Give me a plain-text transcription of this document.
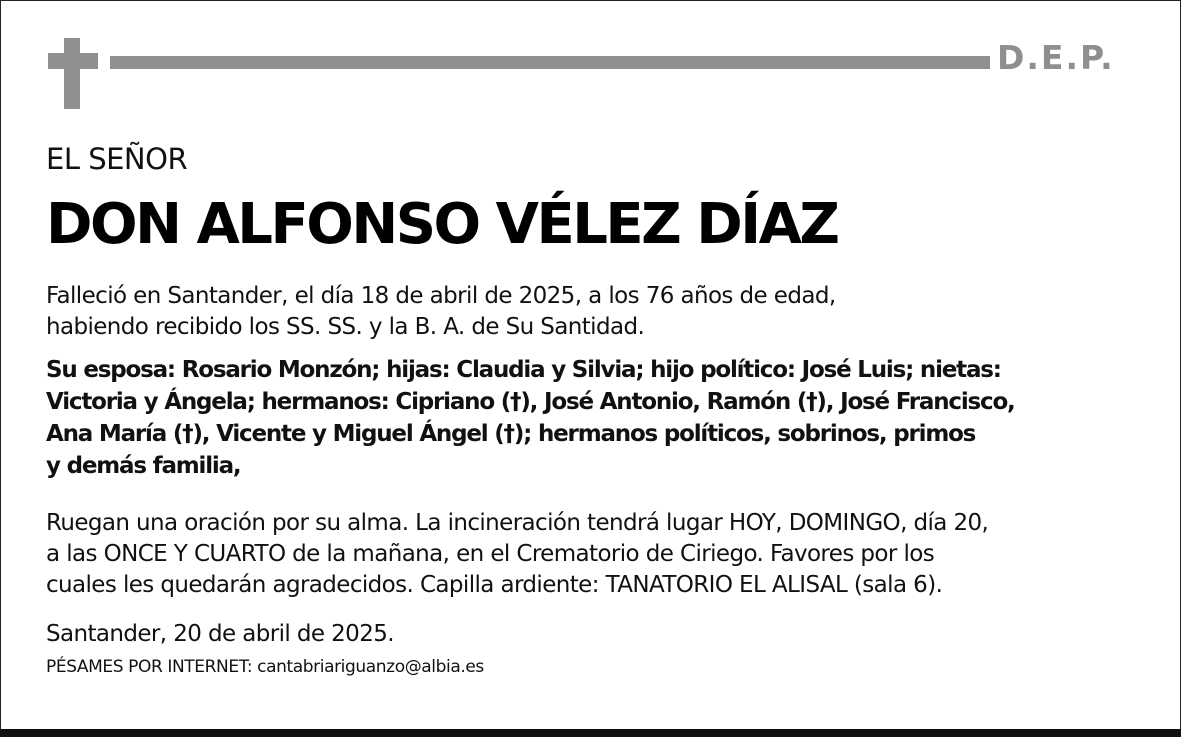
D.E.P.
EL SEÑOR
DON ALFONSO VÉLEZ DÍAZ
Falleció en Santander, el día 18 de abril de 2025, a los 76 años de edad,
habiendo recibido los SS. SS. y la B. A. de Su Santidad.
Su esposa: Rosario Monzón; hijas: Claudia y Silvia; hijo político: José Luis; nietas:
Victoria y Ángela; hermanos: Cipriano (†), José Antonio, Ramón (†), José Francisco,
Ana María (†), Vicente y Miguel Ángel (†); hermanos políticos, sobrinos, primos
y demás familia,
Ruegan una oración por su alma. La incineración tendrá lugar HOY, DOMINGO, día 20,
a las ONCE Y CUARTO de la mañana, en el Crematorio de Ciriego. Favores por los
cuales les quedarán agradecidos. Capilla ardiente: TANATORIO EL ALISAL (sala 6).
Santander, 20 de abril de 2025.
PÉSAMES POR INTERNET: cantabriariguanzo@albia.es
